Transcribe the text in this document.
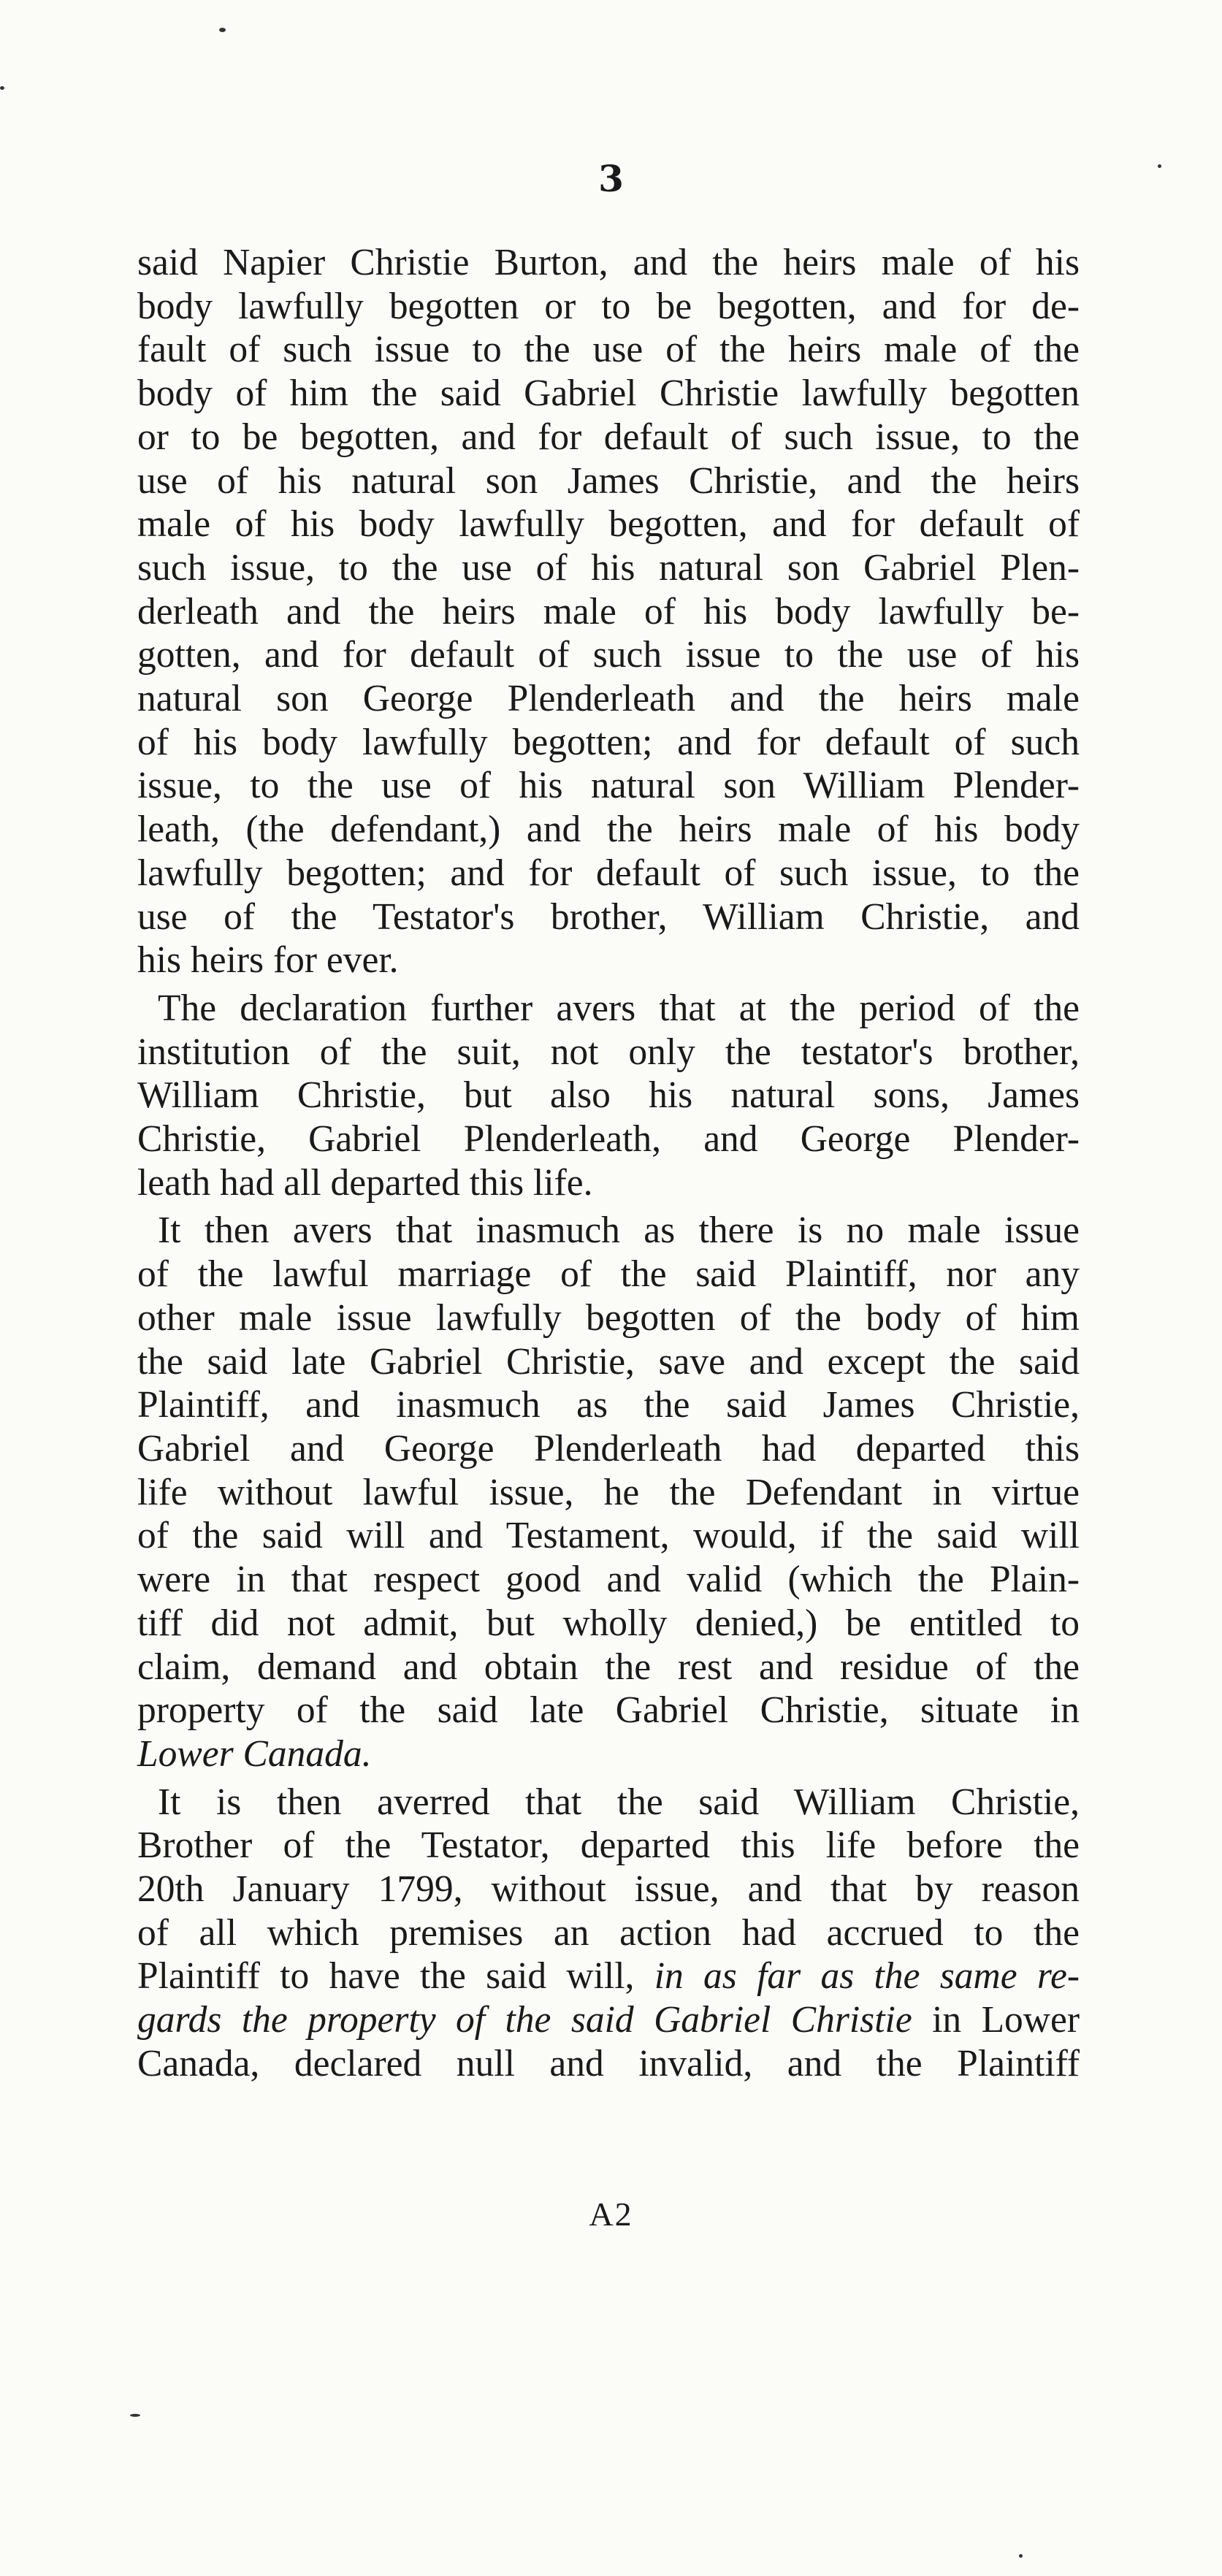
3
said Napier Christie Burton, and the heirs male of his
body lawfully begotten or to be begotten, and for de-
fault of such issue to the use of the heirs male of the
body of him the said Gabriel Christie lawfully begotten
or to be begotten, and for default of such issue, to the
use of his natural son James Christie, and the heirs
male of his body lawfully begotten, and for default of
such issue, to the use of his natural son Gabriel Plen-
derleath and the heirs male of his body lawfully be-
gotten, and for default of such issue to the use of his
natural son George Plenderleath and the heirs male
of his body lawfully begotten; and for default of such
issue, to the use of his natural son William Plender-
leath, (the defendant,) and the heirs male of his body
lawfully begotten; and for default of such issue, to the
use of the Testator's brother, William Christie, and
his heirs for ever.
The declaration further avers that at the period of the
institution of the suit, not only the testator's brother,
William Christie, but also his natural sons, James
Christie, Gabriel Plenderleath, and George Plender-
leath had all departed this life.
It then avers that inasmuch as there is no male issue
of the lawful marriage of the said Plaintiff, nor any
other male issue lawfully begotten of the body of him
the said late Gabriel Christie, save and except the said
Plaintiff, and inasmuch as the said James Christie,
Gabriel and George Plenderleath had departed this
life without lawful issue, he the Defendant in virtue
of the said will and Testament, would, if the said will
were in that respect good and valid (which the Plain-
tiff did not admit, but wholly denied,) be entitled to
claim, demand and obtain the rest and residue of the
property of the said late Gabriel Christie, situate in
Lower Canada.
It is then averred that the said William Christie,
Brother of the Testator, departed this life before the
20th January 1799, without issue, and that by reason
of all which premises an action had accrued to the
Plaintiff to have the said will, in as far as the same re-
gards the property of the said Gabriel Christie in Lower
Canada, declared null and invalid, and the Plaintiff
A2
